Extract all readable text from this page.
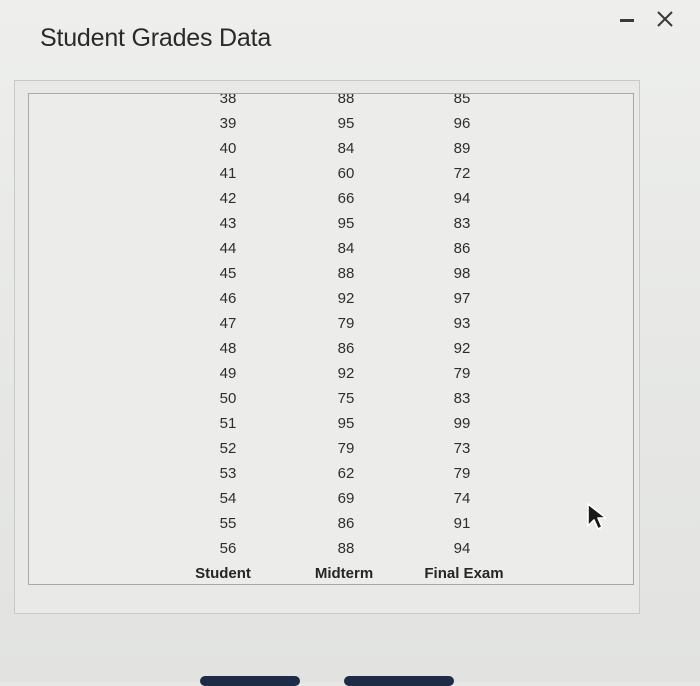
Student Grades Data
38	88	85
39	95	96
40	84	89
41	60	72
42	66	94
43	95	83
44	84	86
45	88	98
46	92	97
47	79	93
48	86	92
49	92	79
50	75	83
51	95	99
52	79	73
53	62	79
54	69	74
55	86	91
56	88	94
Student	Midterm	Final Exam
